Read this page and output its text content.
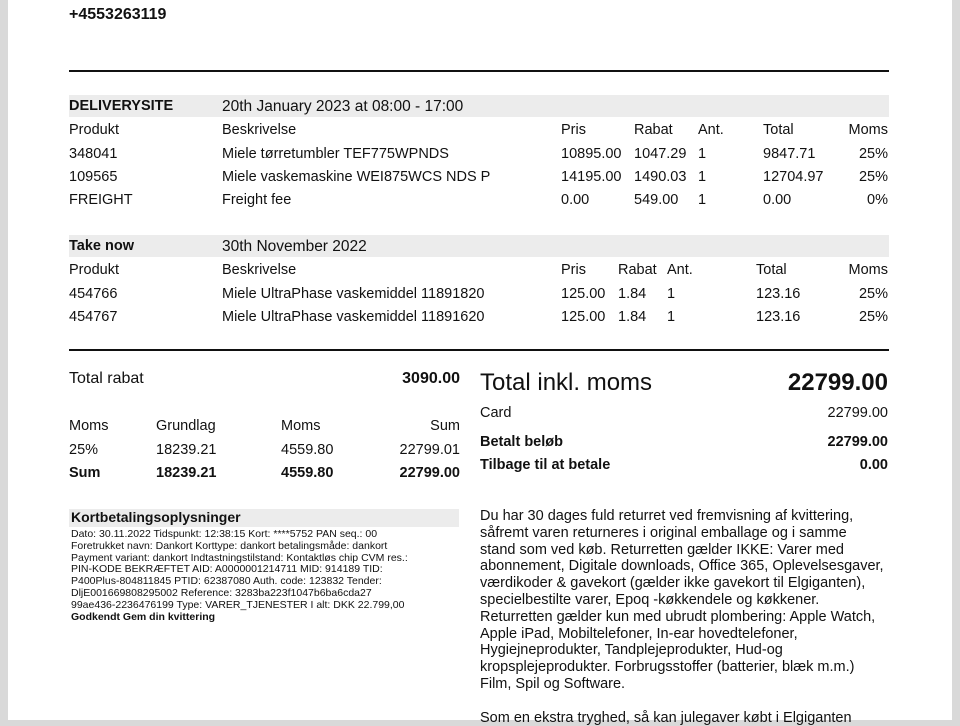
+4553263119
DELIVERYSITE	20th January 2023 at 08:00 - 17:00
Produkt	Beskrivelse	Pris	Rabat Ant.	Total	Moms
348041	Miele tørretumbler TEF775WPNDS	10895.00 1047.29 1	9847.71	25%
109565	Miele vaskemaskine WEI875WCS NDS P	14195.00 1490.03 1	12704.97	25%
FREIGHT	Freight fee	0.00	549.00 1	0.00	0%
Take now	30th November 2022
Produkt	Beskrivelse	Pris Rabat Ant.	Total	Moms
454766	Miele UltraPhase vaskemiddel 11891820	125.00 1.84 1	123.16	25%
454767	Miele UltraPhase vaskemiddel 11891620	125.00 1.84 1	123.16	25%
Total rabat	3090.00
Moms	Grundlag	Moms	Sum
25%	18239.21	4559.80	22799.01
Sum	18239.21	4559.80	22799.00
Total inkl. moms	22799.00
Card	22799.00
Betalt beløb	22799.00
Tilbage til at betale	0.00
Kortbetalingsoplysninger
Dato: 30.11.2022 Tidspunkt: 12:38:15 Kort: ****5752 PAN seq.: 00
Foretrukket navn: Dankort Korttype: dankort betalingsmåde: dankort
Payment variant: dankort Indtastningstilstand: Kontaktløs chip CVM res.:
PIN-KODE BEKRÆFTET AID: A0000001214711 MID: 914189 TID:
P400Plus-804811845 PTID: 62387080 Auth. code: 123832 Tender:
DljE001669808295002 Reference: 3283ba223f1047b6ba6cda27
99ae436-2236476199 Type: VARER_TJENESTER I alt: DKK 22.799,00
Godkendt Gem din kvittering
Du har 30 dages fuld returret ved fremvisning af kvittering,
såfremt varen returneres i original emballage og i samme
stand som ved køb. Returretten gælder IKKE: Varer med
abonnement, Digitale downloads, Office 365, Oplevelsesgaver,
værdikoder & gavekort (gælder ikke gavekort til Elgiganten),
specielbestilte varer, Epoq -køkkendele og køkkener.
Returretten gælder kun med ubrudt plombering: Apple Watch,
Apple iPad, Mobiltelefoner, In-ear hovedtelefoner,
Hygiejneprodukter, Tandplejeprodukter, Hud-og
kropsplejeprodukter. Forbrugsstoffer (batterier, blæk m.m.)
Film, Spil og Software.
Som en ekstra tryghed, så kan julegaver købt i Elgiganten
